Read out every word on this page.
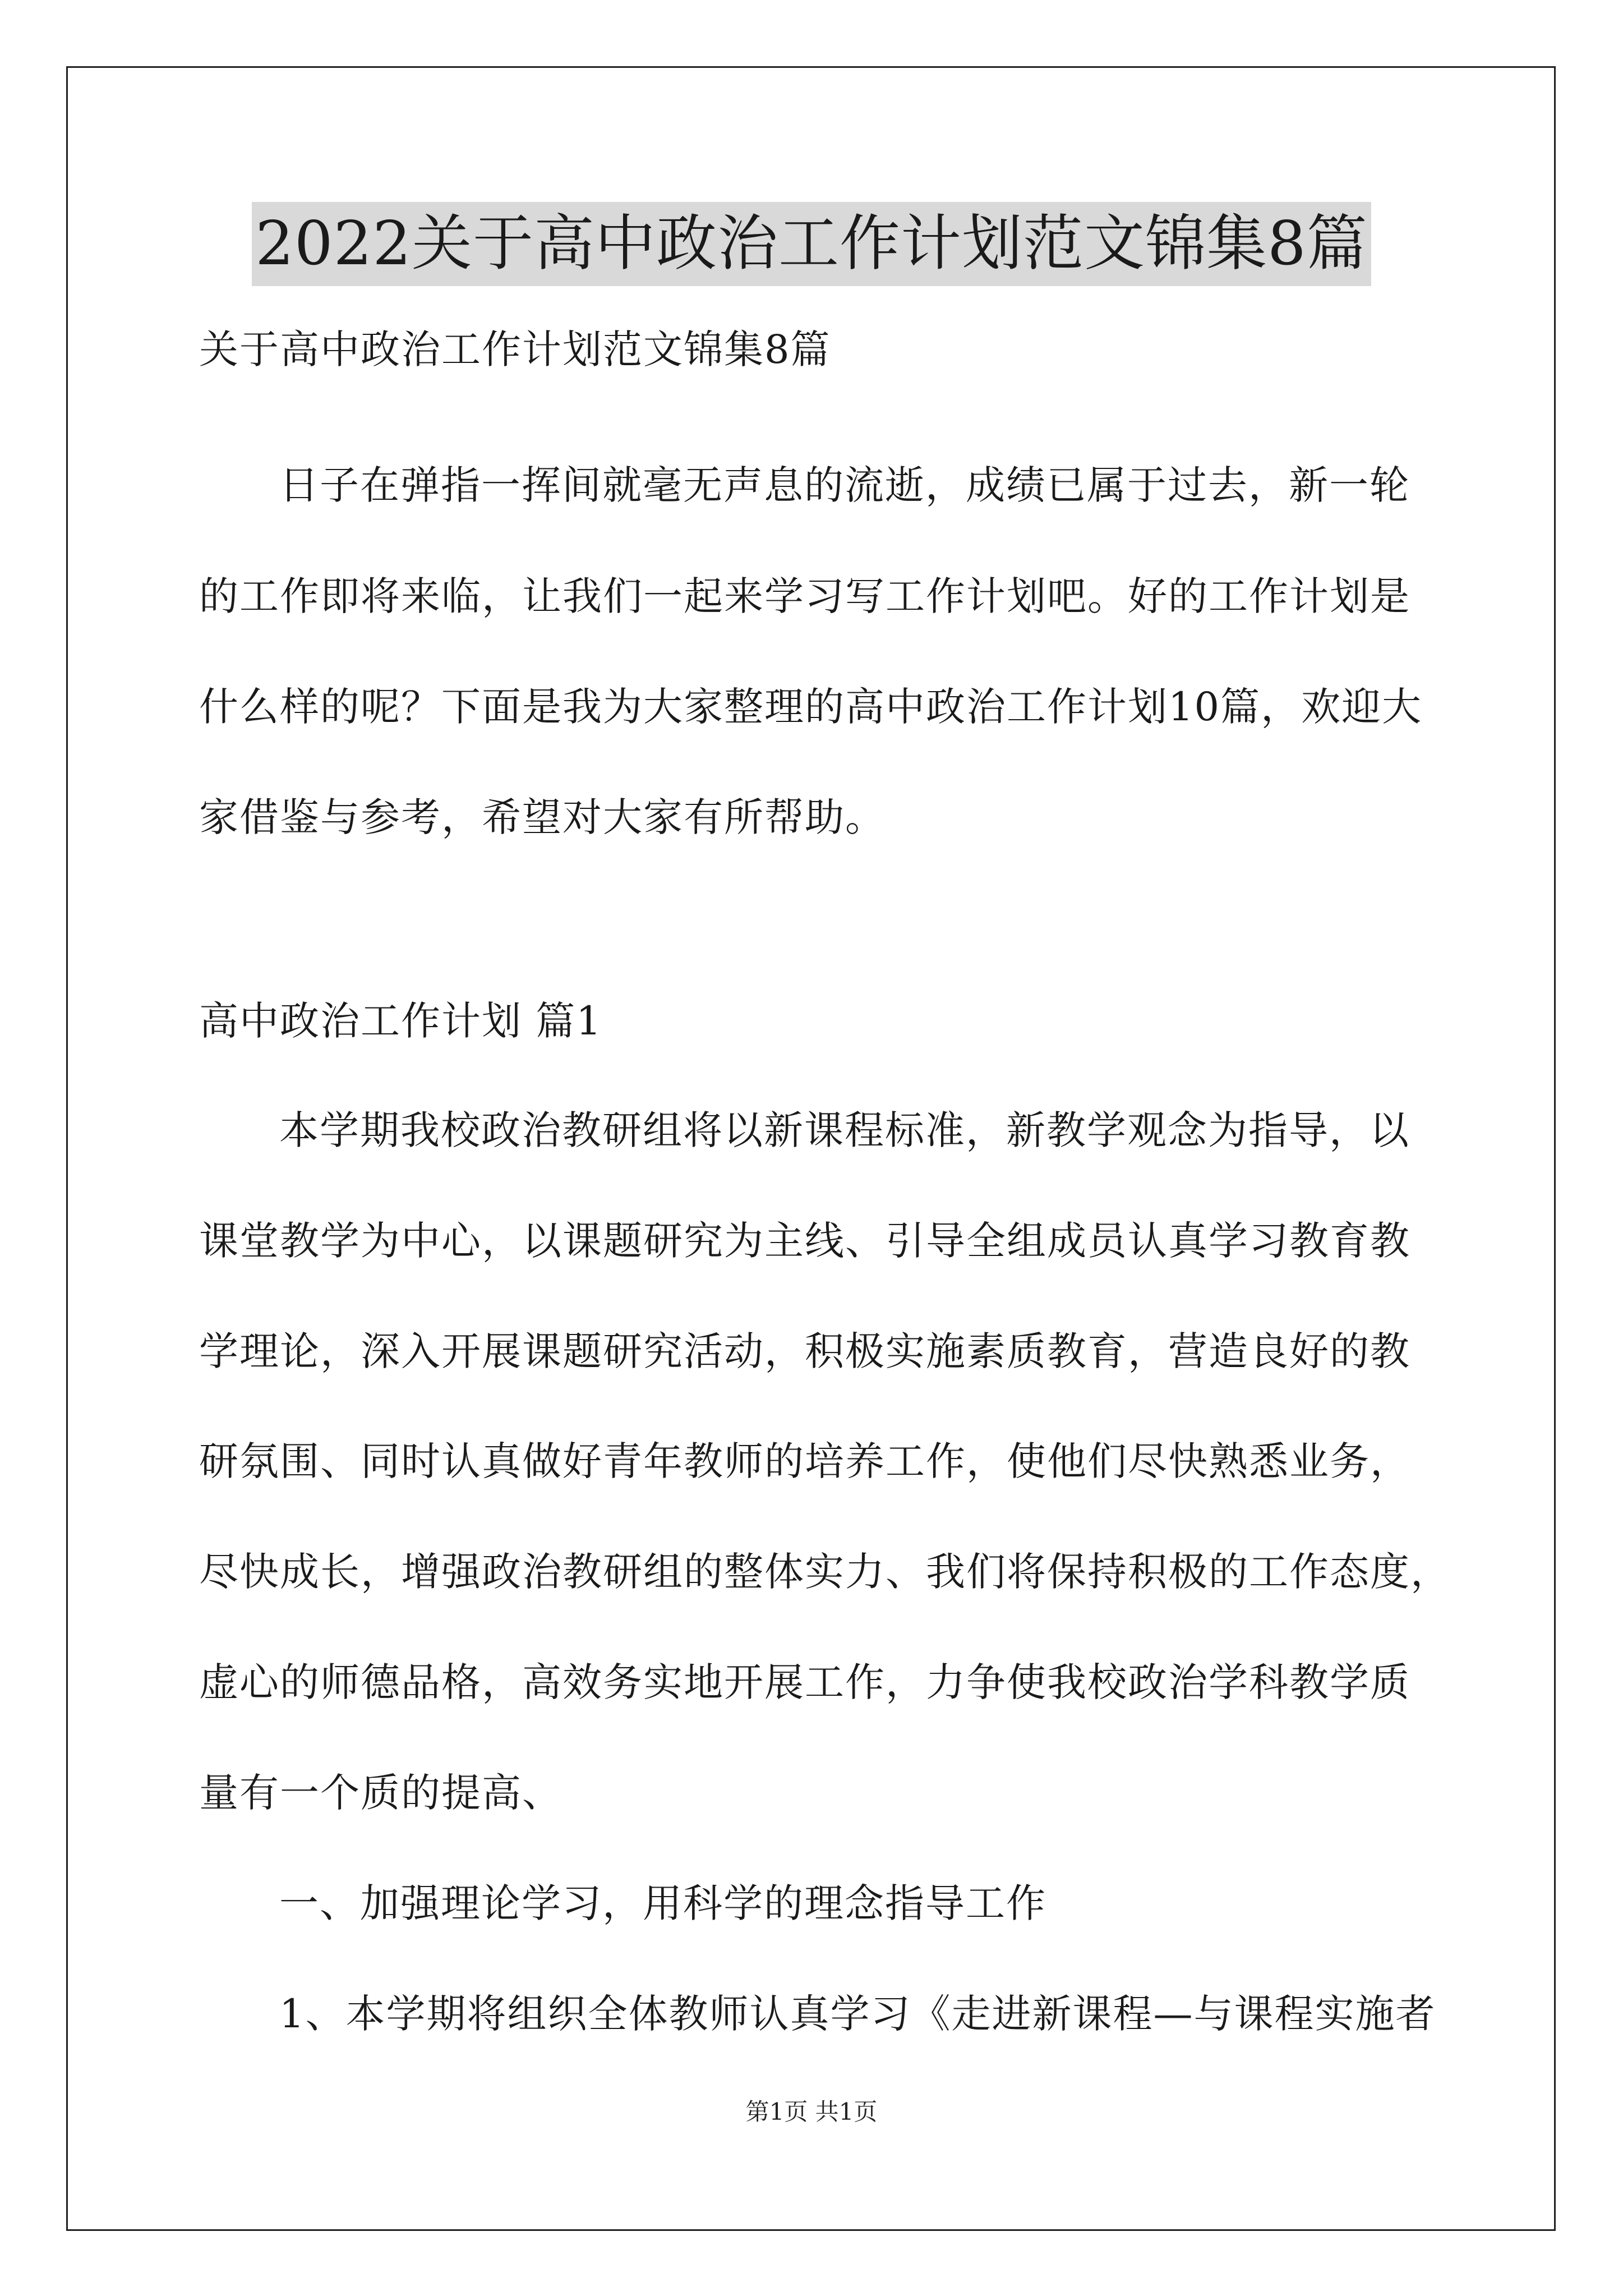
2022关于高中政治工作计划范文锦集8篇
关于高中政治工作计划范文锦集8篇
日子在弹指一挥间就毫无声息的流逝，成绩已属于过去，新一轮
的工作即将来临，让我们一起来学习写工作计划吧。好的工作计划是
什么样的呢？下面是我为大家整理的高中政治工作计划10篇，欢迎大
家借鉴与参考，希望对大家有所帮助。
高中政治工作计划 篇1
本学期我校政治教研组将以新课程标准，新教学观念为指导，以
课堂教学为中心，以课题研究为主线、引导全组成员认真学习教育教
学理论，深入开展课题研究活动，积极实施素质教育，营造良好的教
研氛围、同时认真做好青年教师的培养工作，使他们尽快熟悉业务，
尽快成长，增强政治教研组的整体实力、我们将保持积极的工作态度，
虚心的师德品格，高效务实地开展工作，力争使我校政治学科教学质
量有一个质的提高、
一、加强理论学习，用科学的理念指导工作
1、本学期将组织全体教师认真学习《走进新课程—与课程实施者
第1页 共1页
